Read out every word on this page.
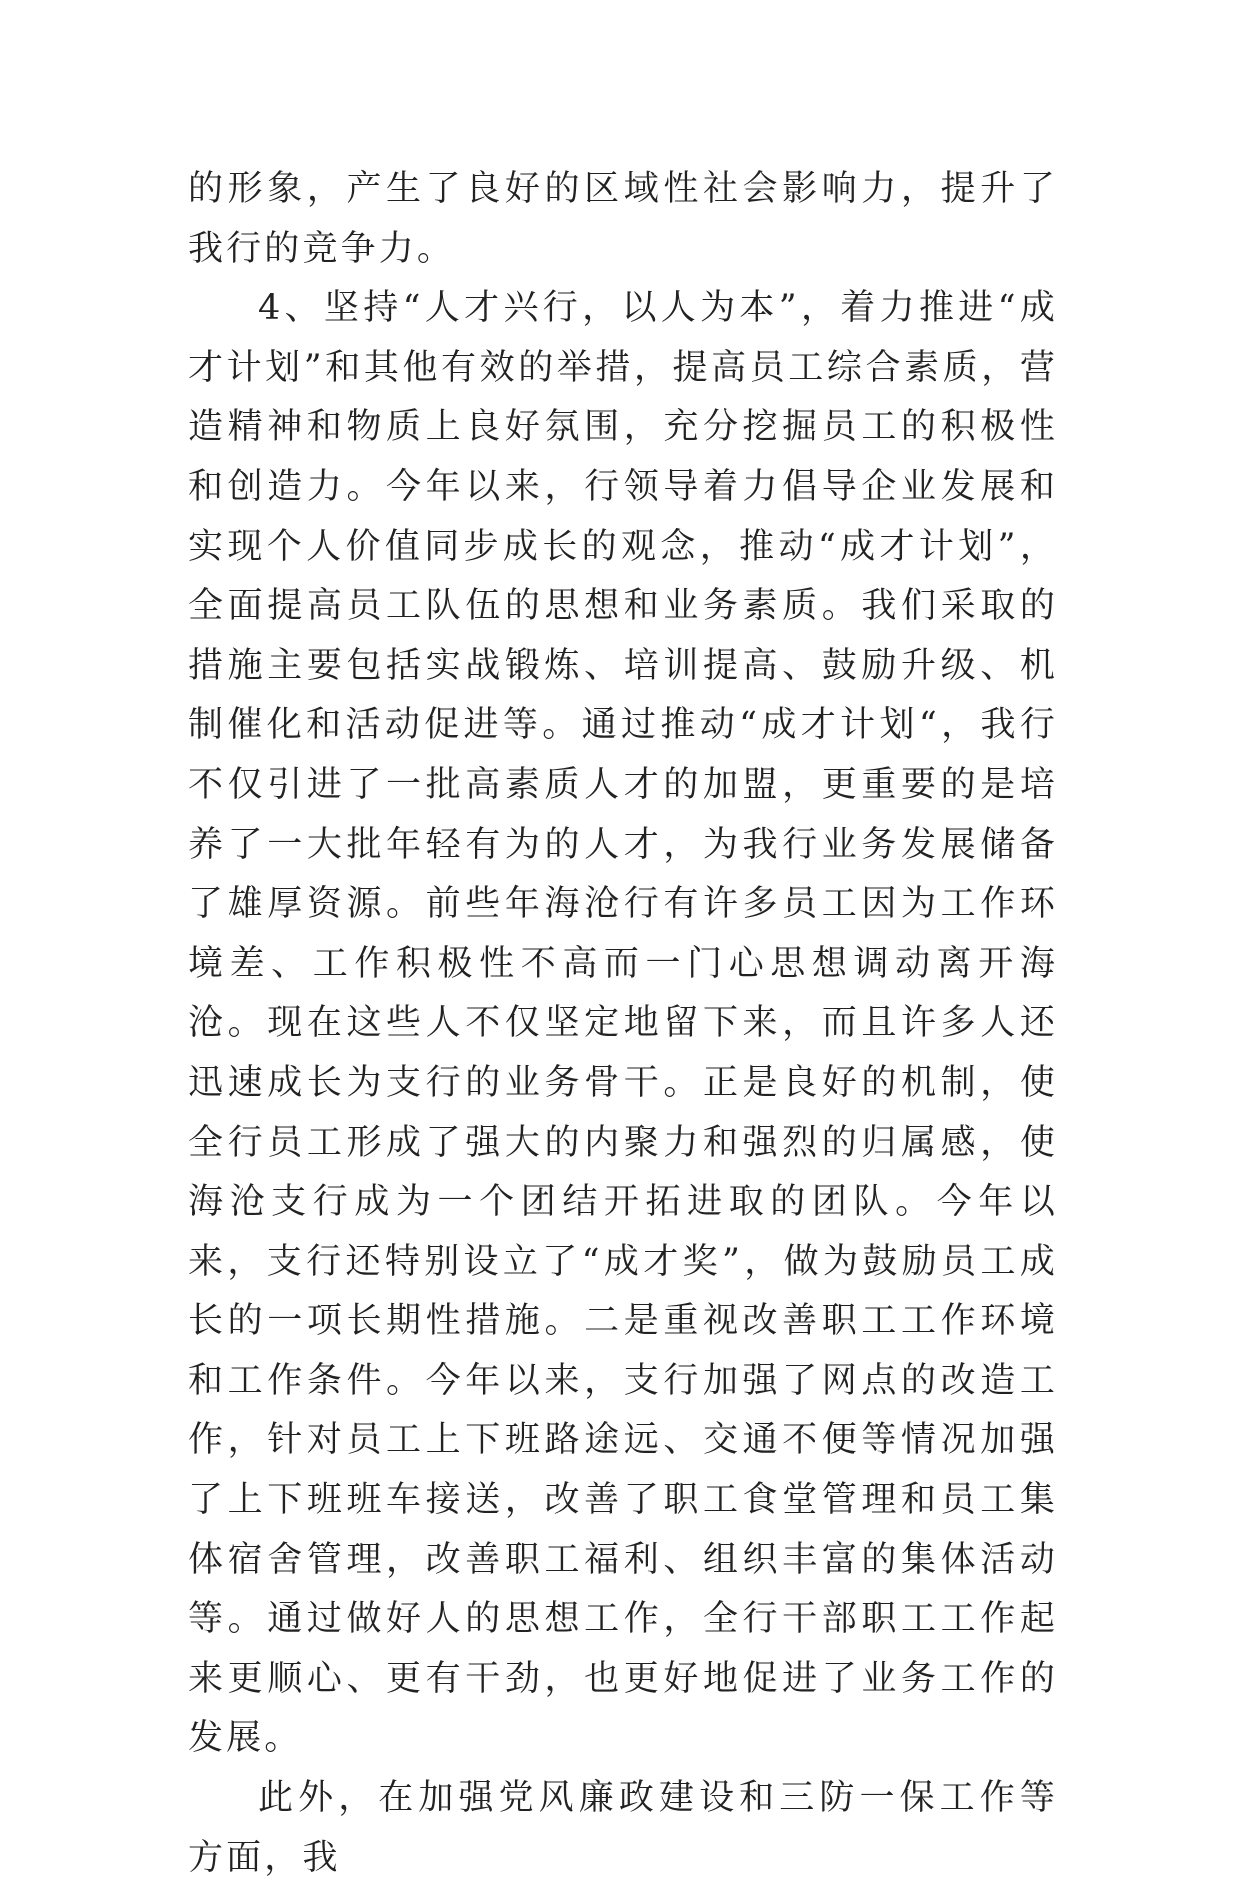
的形象，产生了良好的区域性社会影响力，提升了我行的竞争力。

4、坚持“人才兴行，以人为本”，着力推进“成才计划”和其他有效的举措，提高员工综合素质，营造精神和物质上良好氛围，充分挖掘员工的积极性和创造力。今年以来，行领导着力倡导企业发展和实现个人价值同步成长的观念，推动“成才计划”，全面提高员工队伍的思想和业务素质。我们采取的措施主要包括实战锻炼、培训提高、鼓励升级、机制催化和活动促进等。通过推动“成才计划“，我行不仅引进了一批高素质人才的加盟，更重要的是培养了一大批年轻有为的人才，为我行业务发展储备了雄厚资源。前些年海沧行有许多员工因为工作环境差、工作积极性不高而一门心思想调动离开海沧。现在这些人不仅坚定地留下来，而且许多人还迅速成长为支行的业务骨干。正是良好的机制，使全行员工形成了强大的内聚力和强烈的归属感，使海沧支行成为一个团结开拓进取的团队。今年以来，支行还特别设立了“成才奖”，做为鼓励员工成长的一项长期性措施。二是重视改善职工工作环境和工作条件。今年以来，支行加强了网点的改造工作，针对员工上下班路途远、交通不便等情况加强了上下班班车接送，改善了职工食堂管理和员工集体宿舍管理，改善职工福利、组织丰富的集体活动等。通过做好人的思想工作，全行干部职工工作起来更顺心、更有干劲，也更好地促进了业务工作的发展。

此外，在加强党风廉政建设和三防一保工作等方面，我
